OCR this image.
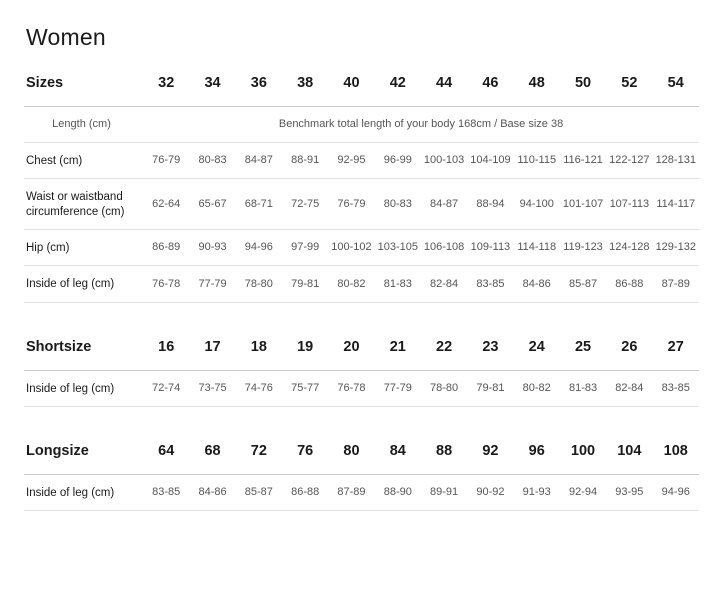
Women
Sizes	32	34	36	38	40	42	44	46	48	50	52	54

Length (cm)	Benchmark total length of your body 168cm / Base size 38											
Chest (cm)	76-79	80-83	84-87	88-91	92-95	96-99	100-103	104-109	110-115	116-121	122-127	128-131
Waist or waistband circumference (cm)	62-64	65-67	68-71	72-75	76-79	80-83	84-87	88-94	94-100	101-107	107-113	114-117
Hip (cm)	86-89	90-93	94-96	97-99	100-102	103-105	106-108	109-113	114-118	119-123	124-128	129-132
Inside of leg (cm)	76-78	77-79	78-80	79-81	80-82	81-83	82-84	83-85	84-86	85-87	86-88	87-89
Shortsize	16	17	18	19	20	21	22	23	24	25	26	27

Inside of leg (cm)	72-74	73-75	74-76	75-77	76-78	77-79	78-80	79-81	80-82	81-83	82-84	83-85
Longsize	64	68	72	76	80	84	88	92	96	100	104	108

Inside of leg (cm)	83-85	84-86	85-87	86-88	87-89	88-90	89-91	90-92	91-93	92-94	93-95	94-96
